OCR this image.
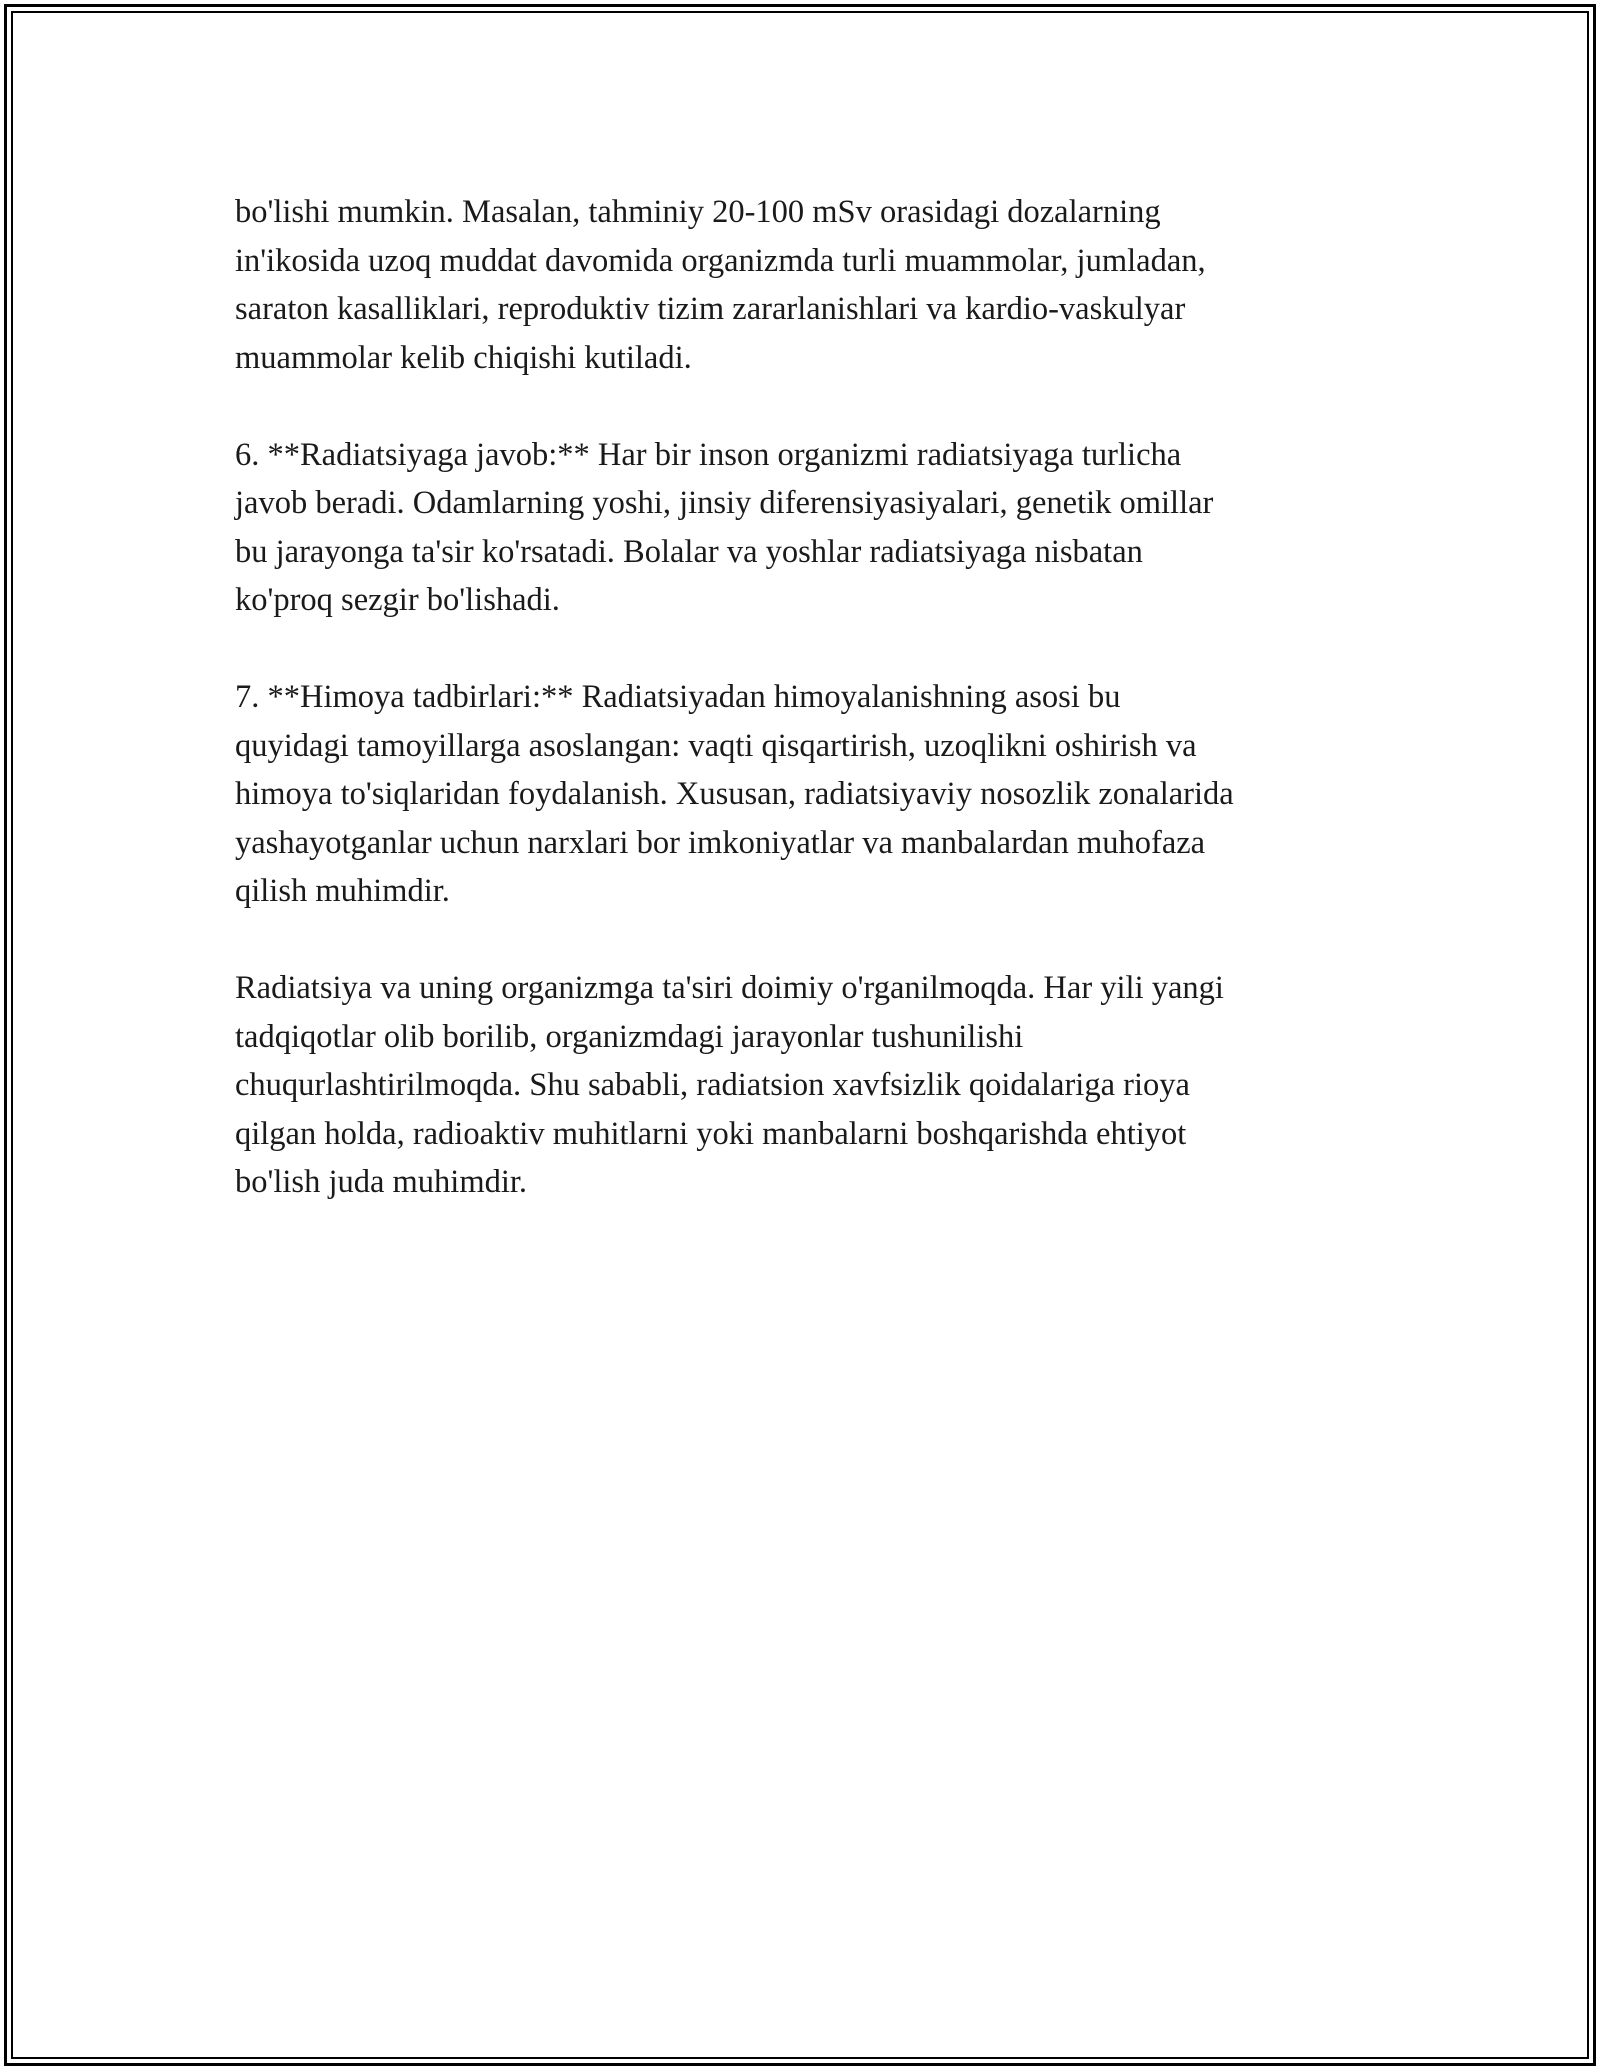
bo'lishi mumkin. Masalan, tahminiy 20-100 mSv orasidagi dozalarning
in'ikosida uzoq muddat davomida organizmda turli muammolar, jumladan,
saraton kasalliklari, reproduktiv tizim zararlanishlari va kardio-vaskulyar
muammolar kelib chiqishi kutiladi.

6. **Radiatsiyaga javob:** Har bir inson organizmi radiatsiyaga turlicha
javob beradi. Odamlarning yoshi, jinsiy diferensiyasiyalari, genetik omillar
bu jarayonga ta'sir ko'rsatadi. Bolalar va yoshlar radiatsiyaga nisbatan
ko'proq sezgir bo'lishadi.

7. **Himoya tadbirlari:** Radiatsiyadan himoyalanishning asosi bu
quyidagi tamoyillarga asoslangan: vaqti qisqartirish, uzoqlikni oshirish va
himoya to'siqlaridan foydalanish. Xususan, radiatsiyaviy nosozlik zonalarida
yashayotganlar uchun narxlari bor imkoniyatlar va manbalardan muhofaza
qilish muhimdir.

Radiatsiya va uning organizmga ta'siri doimiy o'rganilmoqda. Har yili yangi
tadqiqotlar olib borilib, organizmdagi jarayonlar tushunilishi
chuqurlashtirilmoqda. Shu sababli, radiatsion xavfsizlik qoidalariga rioya
qilgan holda, radioaktiv muhitlarni yoki manbalarni boshqarishda ehtiyot
bo'lish juda muhimdir.
